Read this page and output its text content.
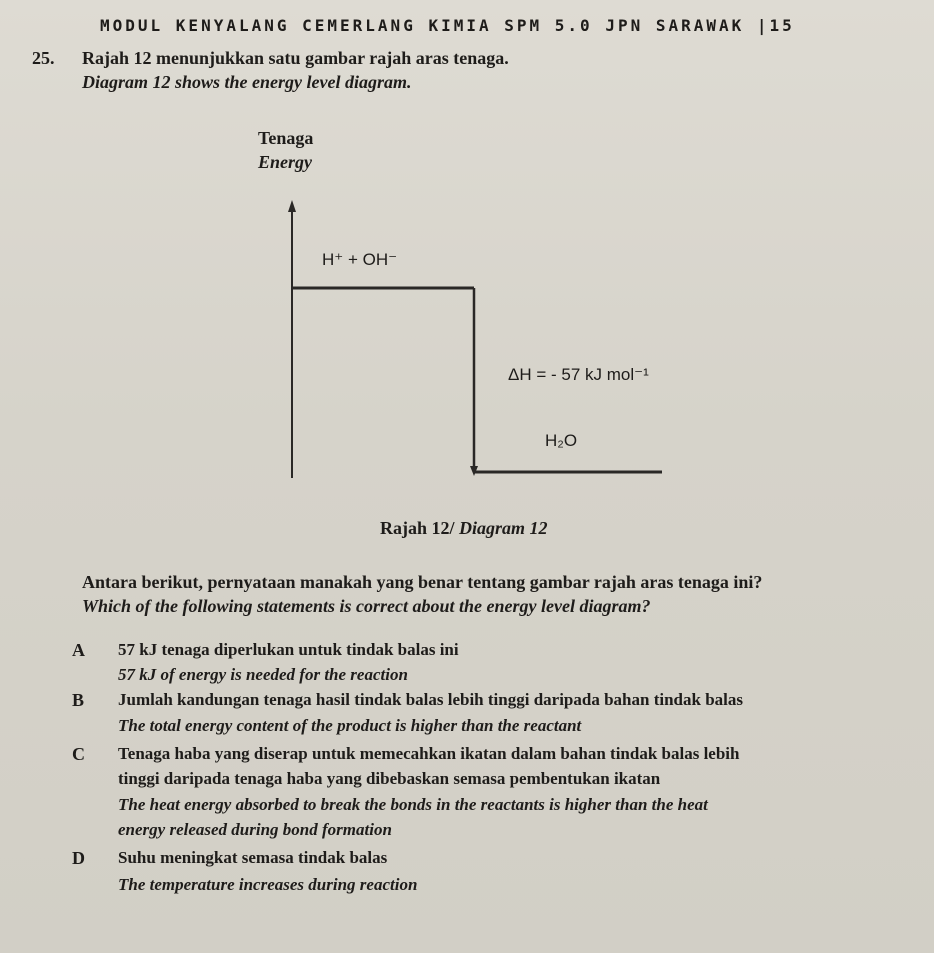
MODUL KENYALANG CEMERLANG KIMIA SPM 5.0 JPN SARAWAK |15
25. Rajah 12 menunjukkan satu gambar rajah aras tenaga.
Diagram 12 shows the energy level diagram.
Tenaga
Energy
H⁺ + OH⁻
ΔH = - 57 kJ mol⁻¹
H₂O
Rajah 12/ Diagram 12
Antara berikut, pernyataan manakah yang benar tentang gambar rajah aras tenaga ini?
Which of the following statements is correct about the energy level diagram?
A 57 kJ tenaga diperlukan untuk tindak balas ini
57 kJ of energy is needed for the reaction
B Jumlah kandungan tenaga hasil tindak balas lebih tinggi daripada bahan tindak balas
The total energy content of the product is higher than the reactant
C Tenaga haba yang diserap untuk memecahkan ikatan dalam bahan tindak balas lebih
tinggi daripada tenaga haba yang dibebaskan semasa pembentukan ikatan
The heat energy absorbed to break the bonds in the reactants is higher than the heat
energy released during bond formation
D Suhu meningkat semasa tindak balas
The temperature increases during reaction
